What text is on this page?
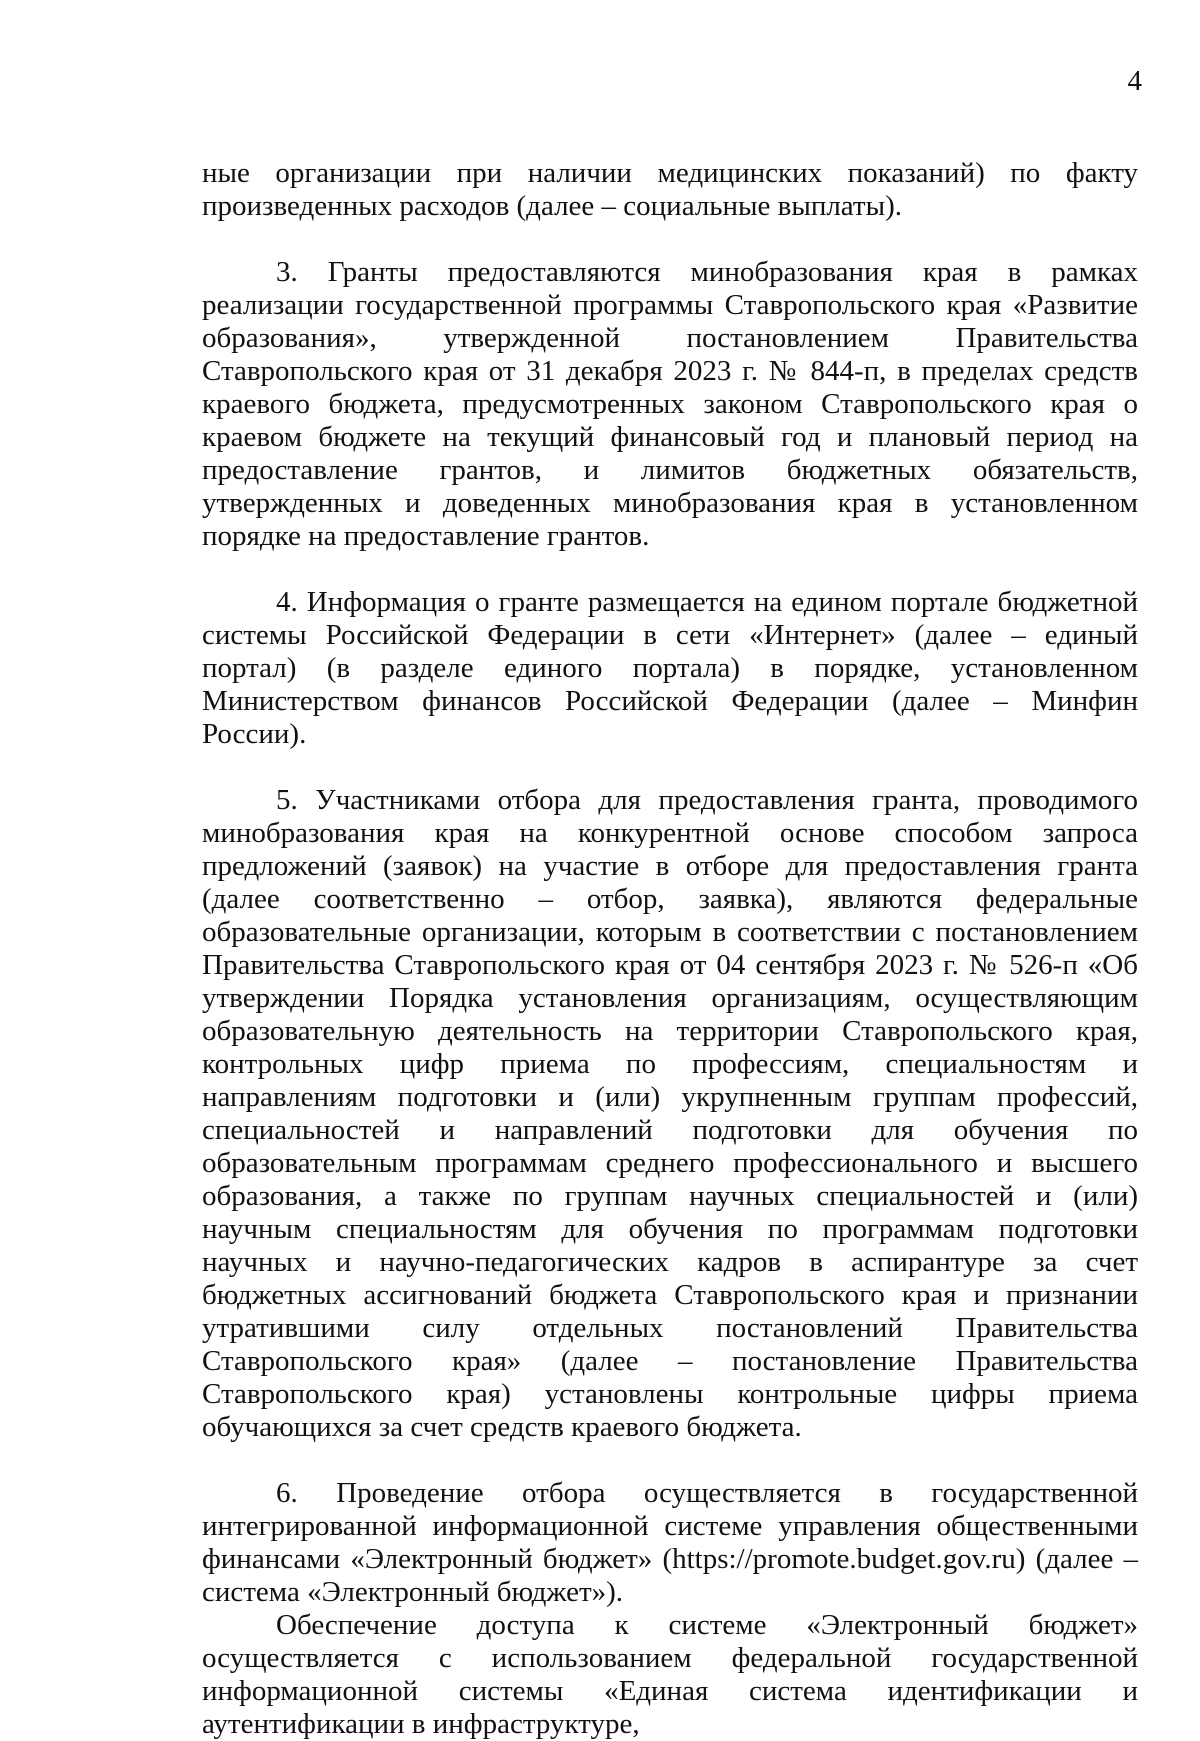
4

ные организации при наличии медицинских показаний) по факту произведенных расходов (далее – социальные выплаты).

3. Гранты предоставляются минобразования края в рамках реализации государственной программы Ставропольского края «Развитие образования», утвержденной постановлением Правительства Ставропольского края от 31 декабря 2023 г. № 844-п, в пределах средств краевого бюджета, предусмотренных законом Ставропольского края о краевом бюджете на текущий финансовый год и плановый период на предоставление грантов, и лимитов бюджетных обязательств, утвержденных и доведенных минобразования края в установленном порядке на предоставление грантов.

4. Информация о гранте размещается на едином портале бюджетной системы Российской Федерации в сети «Интернет» (далее – единый портал) (в разделе единого портала) в порядке, установленном Министерством финансов Российской Федерации (далее – Минфин России).

5. Участниками отбора для предоставления гранта, проводимого минобразования края на конкурентной основе способом запроса предложений (заявок) на участие в отборе для предоставления гранта (далее соответственно – отбор, заявка), являются федеральные образовательные организации, которым в соответствии с постановлением Правительства Ставропольского края от 04 сентября 2023 г. № 526-п «Об утверждении Порядка установления организациям, осуществляющим образовательную деятельность на территории Ставропольского края, контрольных цифр приема по профессиям, специальностям и направлениям подготовки и (или) укрупненным группам профессий, специальностей и направлений подготовки для обучения по образовательным программам среднего профессионального и высшего образования, а также по группам научных специальностей и (или) научным специальностям для обучения по программам подготовки научных и научно-педагогических кадров в аспирантуре за счет бюджетных ассигнований бюджета Ставропольского края и признании утратившими силу отдельных постановлений Правительства Ставропольского края» (далее – постановление Правительства Ставропольского края) установлены контрольные цифры приема обучающихся за счет средств краевого бюджета.

6. Проведение отбора осуществляется в государственной интегрированной информационной системе управления общественными финансами «Электронный бюджет» (https://promote.budget.gov.ru) (далее – система «Электронный бюджет»).

Обеспечение доступа к системе «Электронный бюджет» осуществляется с использованием федеральной государственной информационной системы «Единая система идентификации и аутентификации в инфраструктуре,
